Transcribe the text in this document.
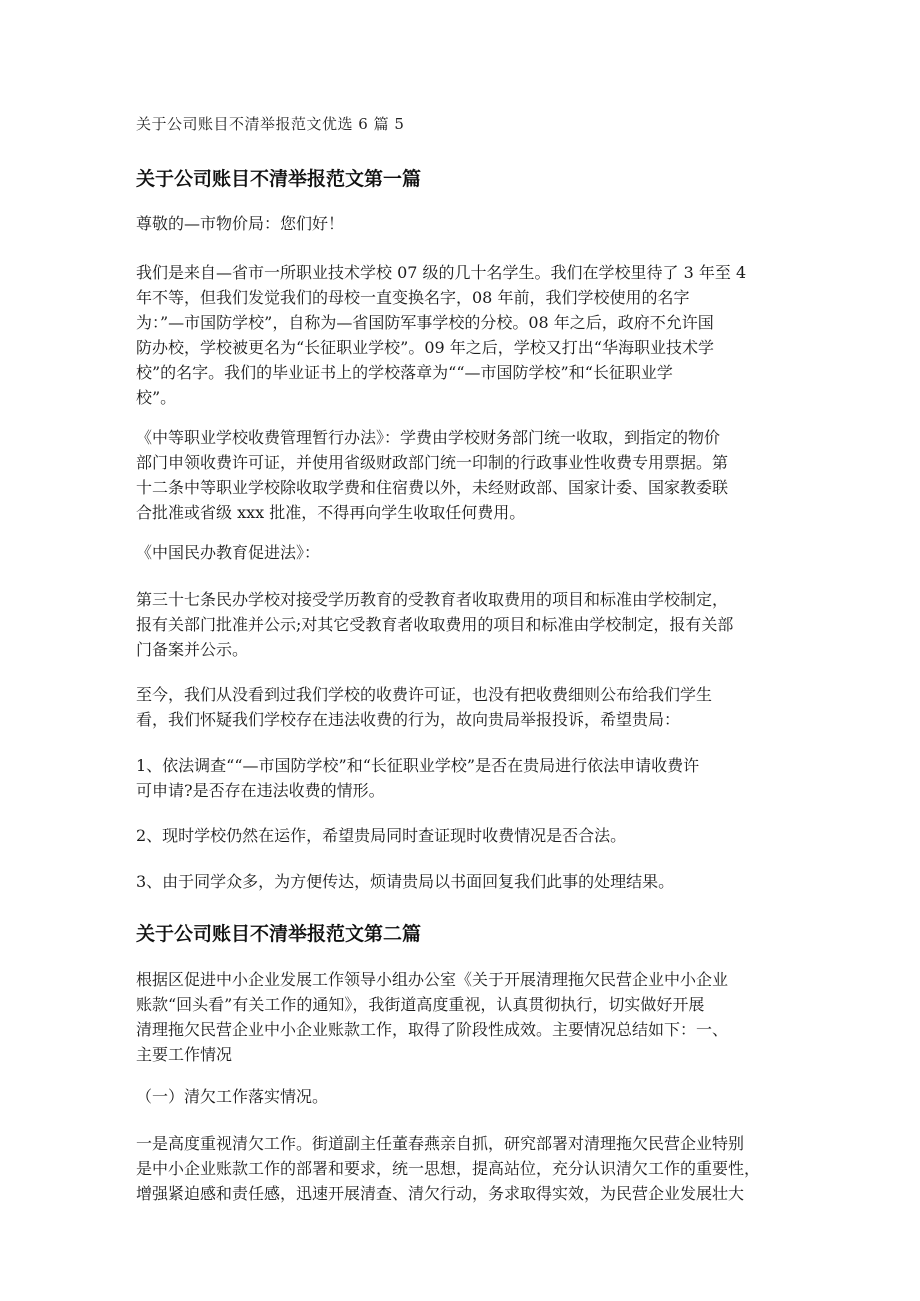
关于公司账目不清举报范文优选 6 篇 5
关于公司账目不清举报范文第一篇
尊敬的—市物价局：您们好！
我们是来自—省市一所职业技术学校 07 级的几十名学生。我们在学校里待了 3 年至 4
年不等，但我们发觉我们的母校一直变换名字，08 年前，我们学校使用的名字
为：”—市国防学校”，自称为—省国防军事学校的分校。08 年之后，政府不允许国
防办校，学校被更名为“长征职业学校”。09 年之后，学校又打出“华海职业技术学
校”的名字。我们的毕业证书上的学校落章为““—市国防学校”和“长征职业学
校”。
《中等职业学校收费管理暂行办法》：学费由学校财务部门统一收取，到指定的物价
部门申领收费许可证，并使用省级财政部门统一印制的行政事业性收费专用票据。第
十二条中等职业学校除收取学费和住宿费以外，未经财政部、国家计委、国家教委联
合批准或省级 xxx 批准，不得再向学生收取任何费用。
《中国民办教育促进法》：
第三十七条民办学校对接受学历教育的受教育者收取费用的项目和标准由学校制定，
报有关部门批准并公示;对其它受教育者收取费用的项目和标准由学校制定，报有关部
门备案并公示。
至今，我们从没看到过我们学校的收费许可证，也没有把收费细则公布给我们学生
看，我们怀疑我们学校存在违法收费的行为，故向贵局举报投诉，希望贵局：
1、依法调查““—市国防学校”和“长征职业学校”是否在贵局进行依法申请收费许
可申请?是否存在违法收费的情形。
2、现时学校仍然在运作，希望贵局同时查证现时收费情况是否合法。
3、由于同学众多，为方便传达，烦请贵局以书面回复我们此事的处理结果。
关于公司账目不清举报范文第二篇
根据区促进中小企业发展工作领导小组办公室《关于开展清理拖欠民营企业中小企业
账款“回头看”有关工作的通知》，我街道高度重视，认真贯彻执行，切实做好开展
清理拖欠民营企业中小企业账款工作，取得了阶段性成效。主要情况总结如下：一、
主要工作情况
（一）清欠工作落实情况。
一是高度重视清欠工作。街道副主任董春燕亲自抓，研究部署对清理拖欠民营企业特别
是中小企业账款工作的部署和要求，统一思想，提高站位，充分认识清欠工作的重要性，
增强紧迫感和责任感，迅速开展清查、清欠行动，务求取得实效，为民营企业发展壮大
